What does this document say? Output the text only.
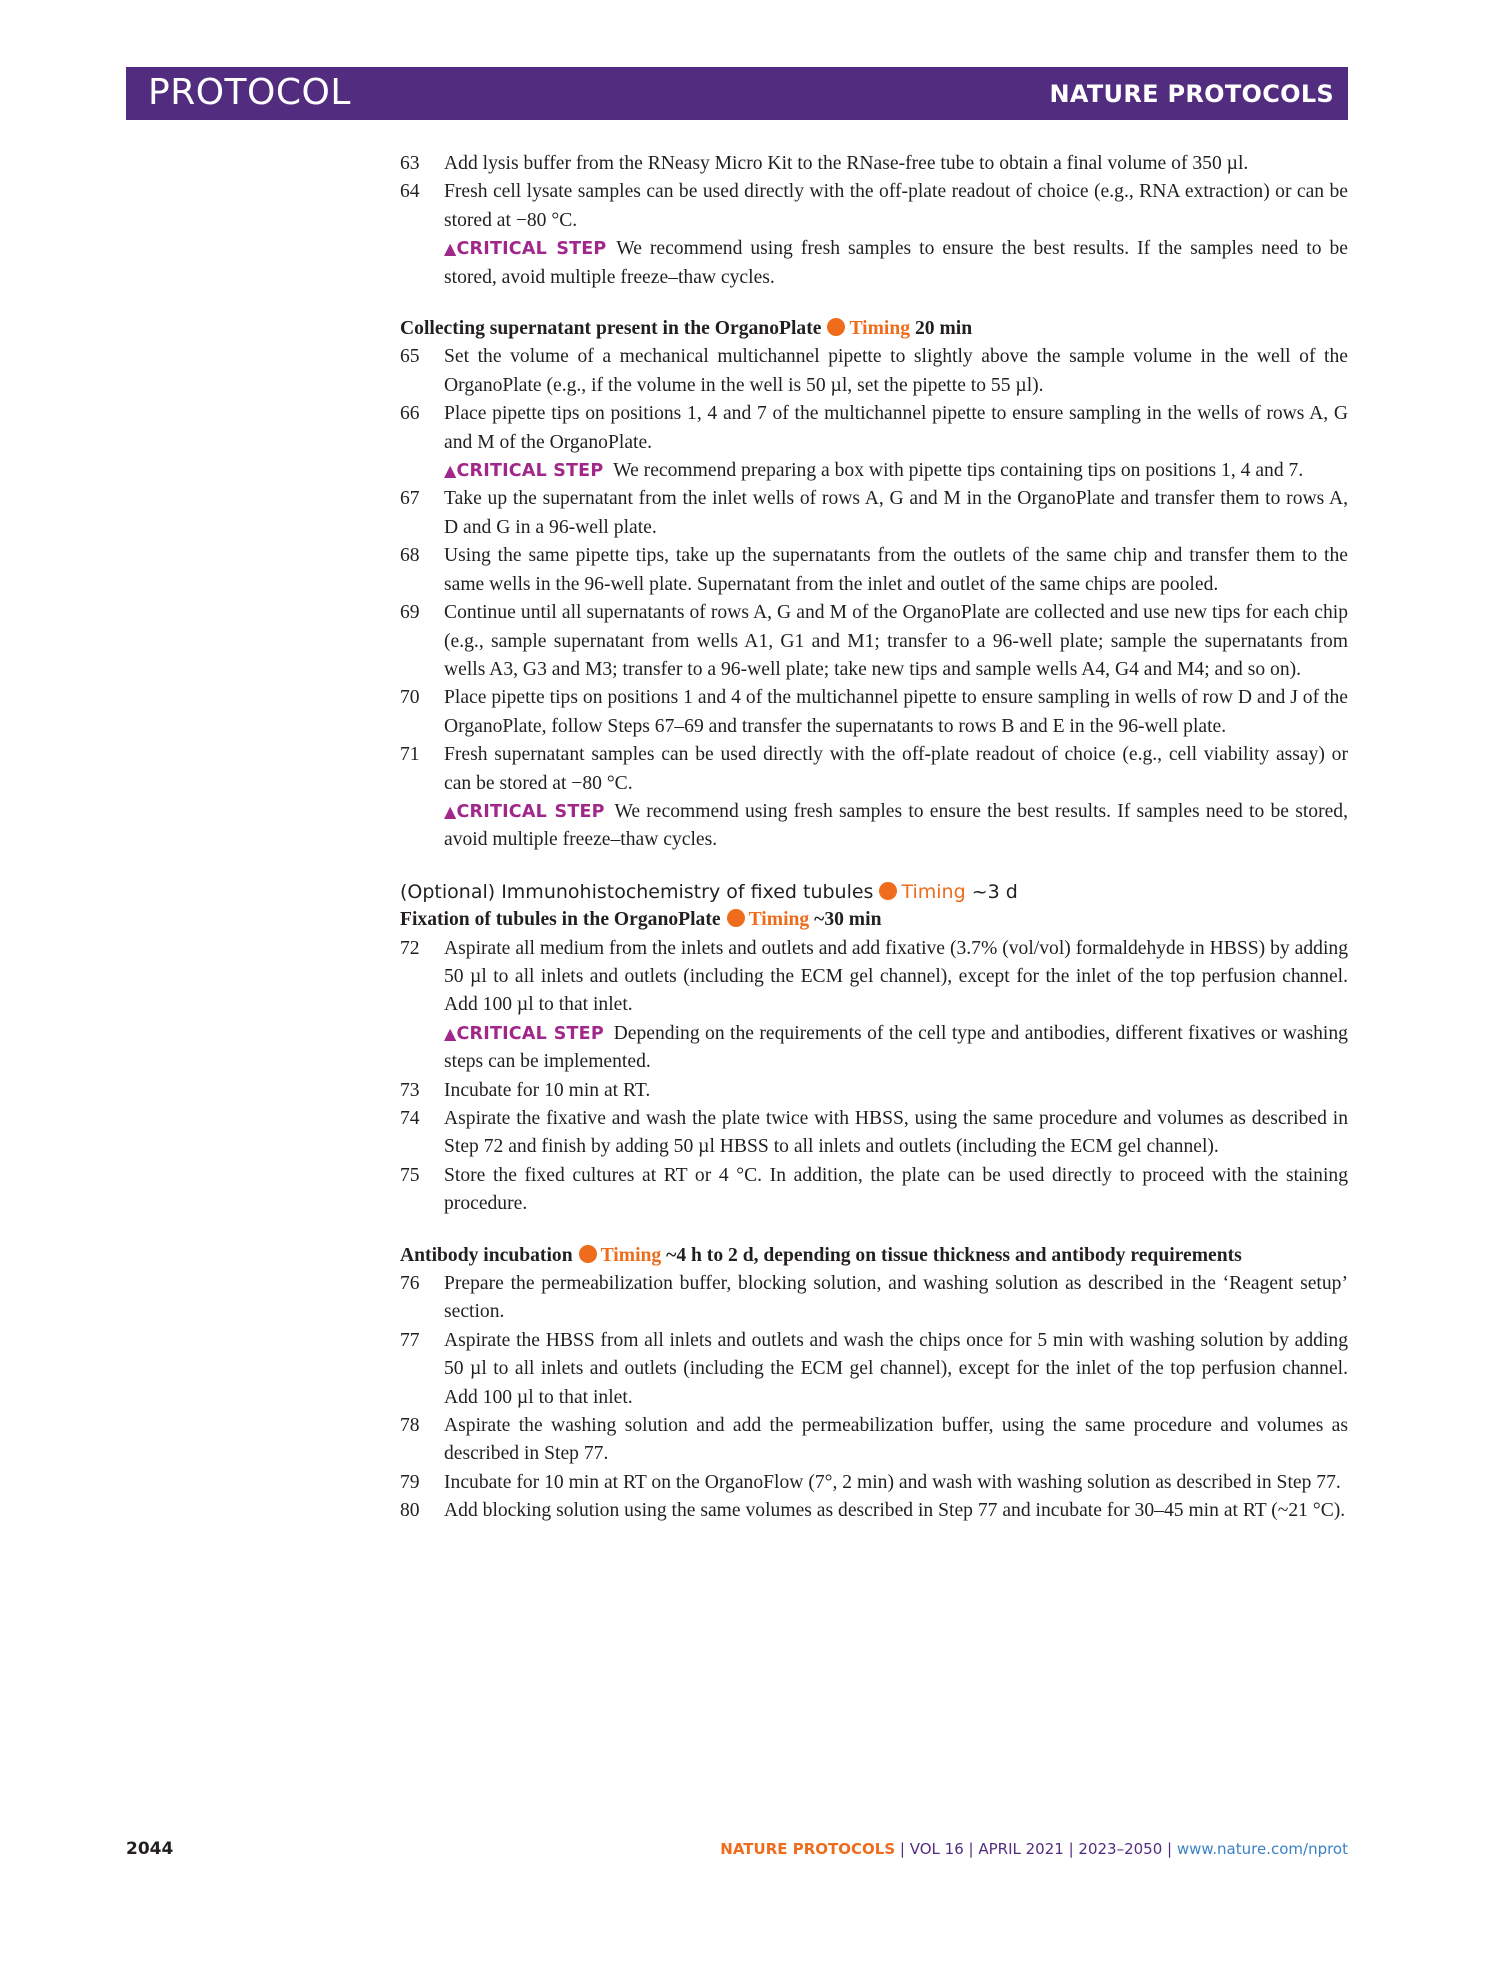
PROTOCOL	NATURE PROTOCOLS
63	Add lysis buffer from the RNeasy Micro Kit to the RNase-free tube to obtain a final volume of 350 µl.
64	Fresh cell lysate samples can be used directly with the off-plate readout of choice (e.g., RNA extraction) or can be stored at −80 °C.
▲CRITICAL STEP  We recommend using fresh samples to ensure the best results. If the samples need to be stored, avoid multiple freeze–thaw cycles.
Collecting supernatant present in the OrganoPlate Timing 20 min
65	Set the volume of a mechanical multichannel pipette to slightly above the sample volume in the well of the OrganoPlate (e.g., if the volume in the well is 50 µl, set the pipette to 55 µl).
66	Place pipette tips on positions 1, 4 and 7 of the multichannel pipette to ensure sampling in the wells of rows A, G and M of the OrganoPlate.
▲CRITICAL STEP  We recommend preparing a box with pipette tips containing tips on positions 1, 4 and 7.
67	Take up the supernatant from the inlet wells of rows A, G and M in the OrganoPlate and transfer them to rows A, D and G in a 96-well plate.
68	Using the same pipette tips, take up the supernatants from the outlets of the same chip and transfer them to the same wells in the 96-well plate. Supernatant from the inlet and outlet of the same chips are pooled.
69	Continue until all supernatants of rows A, G and M of the OrganoPlate are collected and use new tips for each chip (e.g., sample supernatant from wells A1, G1 and M1; transfer to a 96-well plate; sample the supernatants from wells A3, G3 and M3; transfer to a 96-well plate; take new tips and sample wells A4, G4 and M4; and so on).
70	Place pipette tips on positions 1 and 4 of the multichannel pipette to ensure sampling in wells of row D and J of the OrganoPlate, follow Steps 67–69 and transfer the supernatants to rows B and E in the 96-well plate.
71	Fresh supernatant samples can be used directly with the off-plate readout of choice (e.g., cell viability assay) or can be stored at −80 °C.
▲CRITICAL STEP  We recommend using fresh samples to ensure the best results. If samples need to be stored, avoid multiple freeze–thaw cycles.
(Optional) Immunohistochemistry of fixed tubules Timing ~3 d
Fixation of tubules in the OrganoPlate Timing ~30 min
72	Aspirate all medium from the inlets and outlets and add fixative (3.7% (vol/vol) formaldehyde in HBSS) by adding 50 µl to all inlets and outlets (including the ECM gel channel), except for the inlet of the top perfusion channel. Add 100 µl to that inlet.
▲CRITICAL STEP  Depending on the requirements of the cell type and antibodies, different fixatives or washing steps can be implemented.
73	Incubate for 10 min at RT.
74	Aspirate the fixative and wash the plate twice with HBSS, using the same procedure and volumes as described in Step 72 and finish by adding 50 µl HBSS to all inlets and outlets (including the ECM gel channel).
75	Store the fixed cultures at RT or 4 °C. In addition, the plate can be used directly to proceed with the staining procedure.
Antibody incubation Timing ~4 h to 2 d, depending on tissue thickness and antibody requirements
76	Prepare the permeabilization buffer, blocking solution, and washing solution as described in the ‘Reagent setup’ section.
77	Aspirate the HBSS from all inlets and outlets and wash the chips once for 5 min with washing solution by adding 50 µl to all inlets and outlets (including the ECM gel channel), except for the inlet of the top perfusion channel. Add 100 µl to that inlet.
78	Aspirate the washing solution and add the permeabilization buffer, using the same procedure and volumes as described in Step 77.
79	Incubate for 10 min at RT on the OrganoFlow (7°, 2 min) and wash with washing solution as described in Step 77.
80	Add blocking solution using the same volumes as described in Step 77 and incubate for 30–45 min at RT (~21 °C).
2044	NATURE PROTOCOLS | VOL 16 | APRIL 2021 | 2023–2050 | www.nature.com/nprot
